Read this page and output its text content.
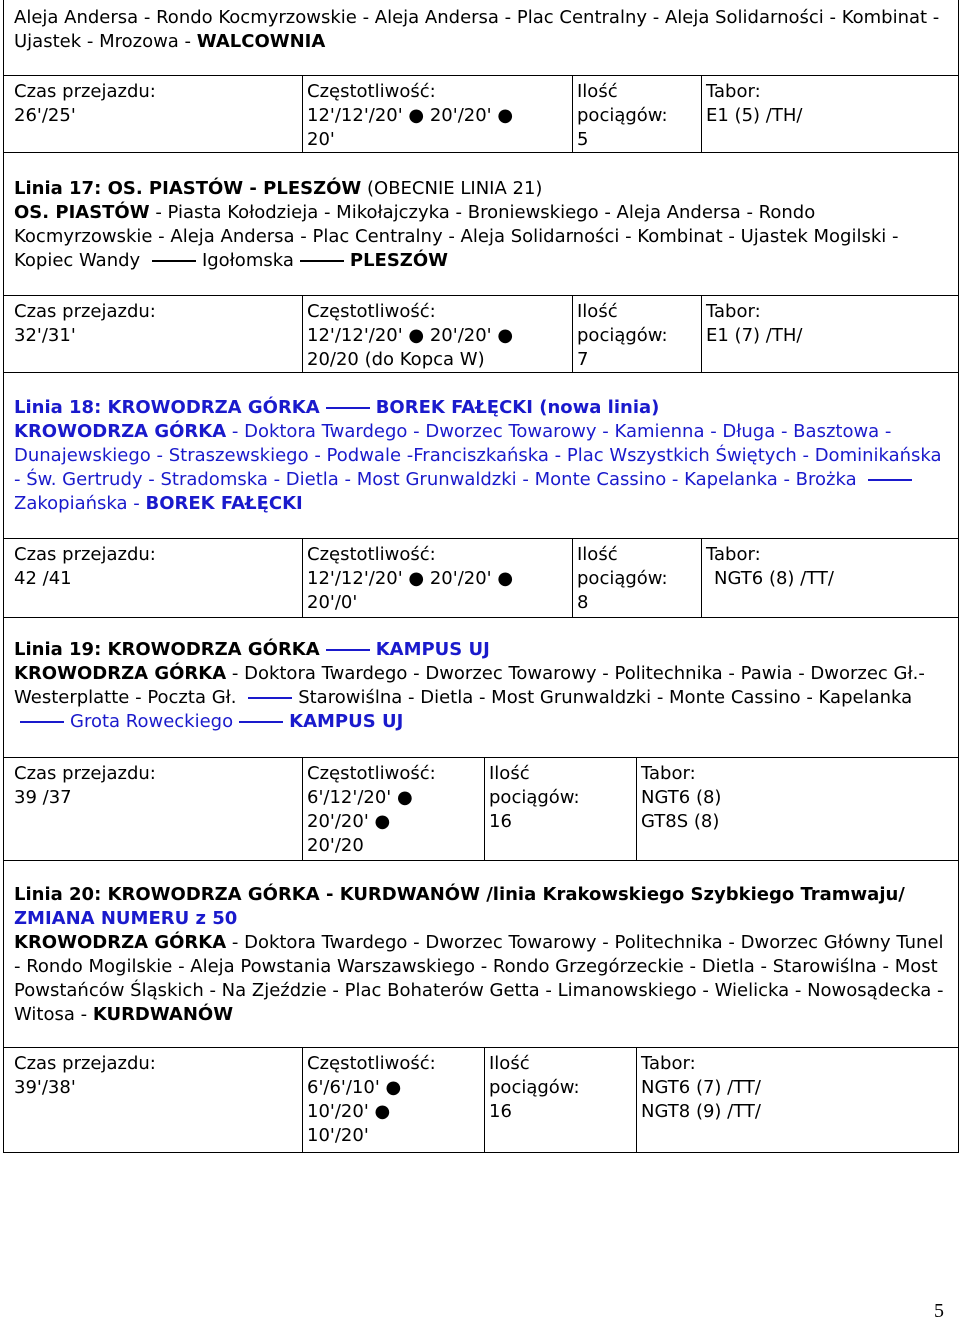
Aleja Andersa - Rondo Kocmyrzowskie - Aleja Andersa - Plac Centralny - Aleja Solidarności - Kombinat - Ujastek - Mrozowa - WALCOWNIA
Czas przejazdu:
26'/25'
Częstotliwość:
12'/12'/20' ● 20'/20' ●
20'
Ilość
pociągów:
5
Tabor:
E1 (5) /TH/
Linia 17: OS. PIASTÓW - PLESZÓW (OBECNIE LINIA 21)
OS. PIASTÓW - Piasta Kołodzieja - Mikołajczyka - Broniewskiego - Aleja Andersa - Rondo Kocmyrzowskie - Aleja Andersa - Plac Centralny - Aleja Solidarności - Kombinat - Ujastek Mogilski - Kopiec Wandy	Igołomska	PLESZÓW
Czas przejazdu:
32'/31'
Częstotliwość:
12'/12'/20' ● 20'/20' ●
20/20 (do Kopca W)
Ilość
pociągów:
7
Tabor:
E1 (7) /TH/
Linia 18: KROWODRZA GÓRKA	BOREK FAŁĘCKI (nowa linia)
KROWODRZA GÓRKA - Doktora Twardego - Dworzec Towarowy - Kamienna - Długa - Basztowa - Dunajewskiego - Straszewskiego - Podwale -Franciszkańska - Plac Wszystkich Świętych - Dominikańska - Św. Gertrudy - Stradomska - Dietla - Most Grunwaldzki - Monte Cassino - Kapelanka - Brożka Zakopiańska - BOREK FAŁĘCKI
Czas przejazdu:
42 /41
Częstotliwość:
12'/12'/20' ● 20'/20' ●
20'/0'
Ilość
pociągów:
8
Tabor:
NGT6 (8) /TT/
Linia 19: KROWODRZA GÓRKA	KAMPUS UJ
KROWODRZA GÓRKA - Doktora Twardego - Dworzec Towarowy - Politechnika - Pawia - Dworzec Gł.- Westerplatte - Poczta Gł.	Starowiślna - Dietla - Most Grunwaldzki - Monte Cassino - Kapelanka Grota Roweckiego	KAMPUS UJ
Czas przejazdu:
39 /37
Częstotliwość:
6'/12'/20' ●
20'/20' ●
20'/20
Ilość
pociągów:
16
Tabor:
NGT6 (8)
GT8S (8)
Linia 20: KROWODRZA GÓRKA - KURDWANÓW /linia Krakowskiego Szybkiego Tramwaju/ ZMIANA NUMERU z 50
KROWODRZA GÓRKA - Doktora Twardego - Dworzec Towarowy - Politechnika - Dworzec Główny Tunel - Rondo Mogilskie - Aleja Powstania Warszawskiego - Rondo Grzegórzeckie - Dietla - Starowiślna - Most Powstańców Śląskich - Na Zjeździe - Plac Bohaterów Getta - Limanowskiego - Wielicka - Nowosądecka - Witosa - KURDWANÓW
Czas przejazdu:
39'/38'
Częstotliwość:
6'/6'/10' ●
10'/20' ●
10'/20'
Ilość
pociągów:
16
Tabor:
NGT6 (7) /TT/
NGT8 (9) /TT/
5
